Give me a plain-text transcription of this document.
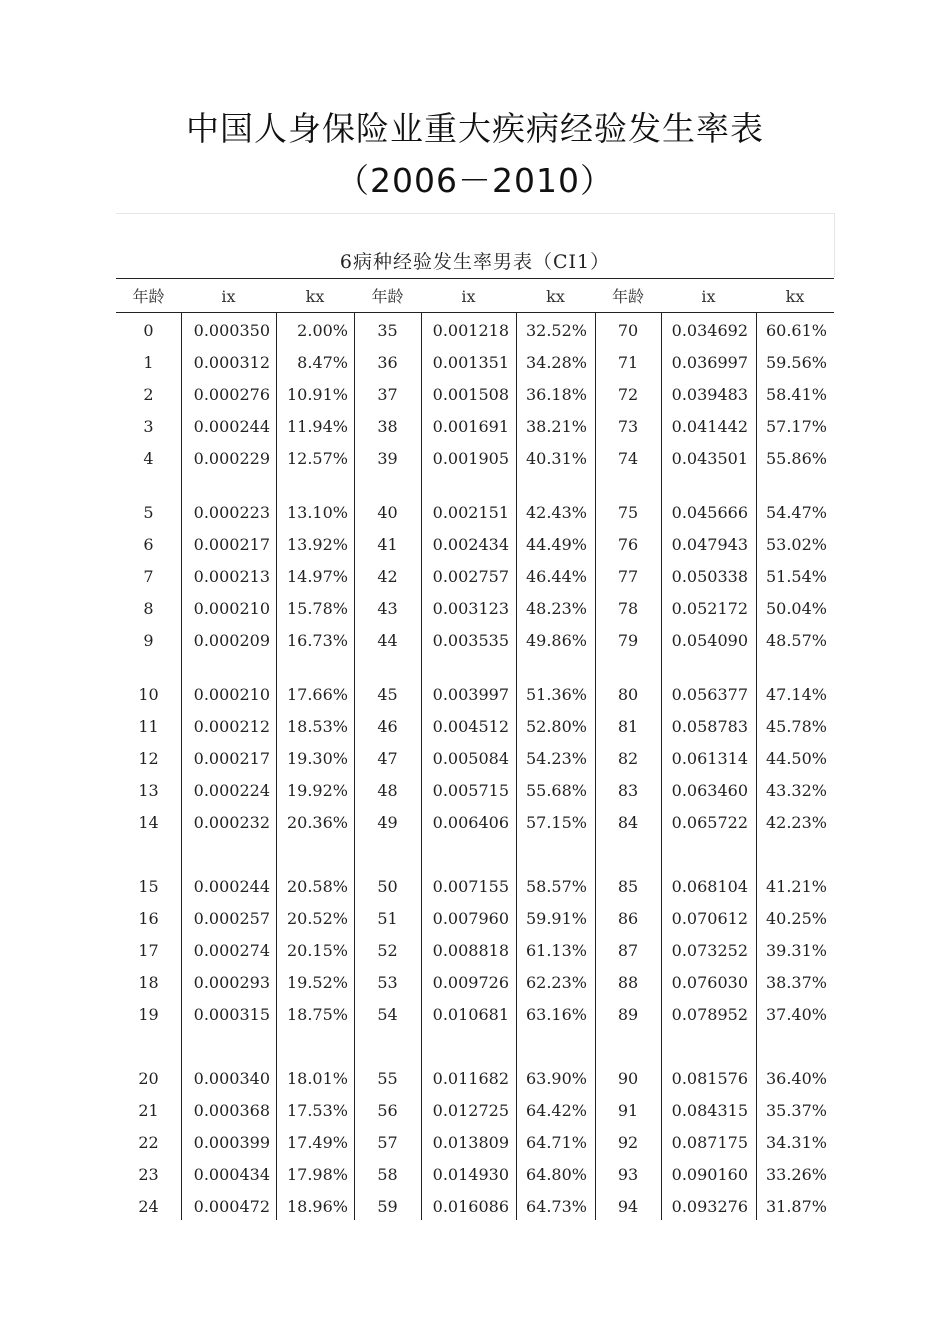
中国人身保险业重大疾病经验发生率表
（2006－2010）
6病种经验发生率男表（CI1）
年龄	ix	kx	年龄	ix	kx	年龄	ix	kx
0	0.000350	2.00%	35	0.001218	32.52%	70	0.034692	60.61%
1	0.000312	8.47%	36	0.001351	34.28%	71	0.036997	59.56%
2	0.000276	10.91%	37	0.001508	36.18%	72	0.039483	58.41%
3	0.000244	11.94%	38	0.001691	38.21%	73	0.041442	57.17%
4	0.000229	12.57%	39	0.001905	40.31%	74	0.043501	55.86%
5	0.000223	13.10%	40	0.002151	42.43%	75	0.045666	54.47%
6	0.000217	13.92%	41	0.002434	44.49%	76	0.047943	53.02%
7	0.000213	14.97%	42	0.002757	46.44%	77	0.050338	51.54%
8	0.000210	15.78%	43	0.003123	48.23%	78	0.052172	50.04%
9	0.000209	16.73%	44	0.003535	49.86%	79	0.054090	48.57%
10	0.000210	17.66%	45	0.003997	51.36%	80	0.056377	47.14%
11	0.000212	18.53%	46	0.004512	52.80%	81	0.058783	45.78%
12	0.000217	19.30%	47	0.005084	54.23%	82	0.061314	44.50%
13	0.000224	19.92%	48	0.005715	55.68%	83	0.063460	43.32%
14	0.000232	20.36%	49	0.006406	57.15%	84	0.065722	42.23%
15	0.000244	20.58%	50	0.007155	58.57%	85	0.068104	41.21%
16	0.000257	20.52%	51	0.007960	59.91%	86	0.070612	40.25%
17	0.000274	20.15%	52	0.008818	61.13%	87	0.073252	39.31%
18	0.000293	19.52%	53	0.009726	62.23%	88	0.076030	38.37%
19	0.000315	18.75%	54	0.010681	63.16%	89	0.078952	37.40%
20	0.000340	18.01%	55	0.011682	63.90%	90	0.081576	36.40%
21	0.000368	17.53%	56	0.012725	64.42%	91	0.084315	35.37%
22	0.000399	17.49%	57	0.013809	64.71%	92	0.087175	34.31%
23	0.000434	17.98%	58	0.014930	64.80%	93	0.090160	33.26%
24	0.000472	18.96%	59	0.016086	64.73%	94	0.093276	31.87%
